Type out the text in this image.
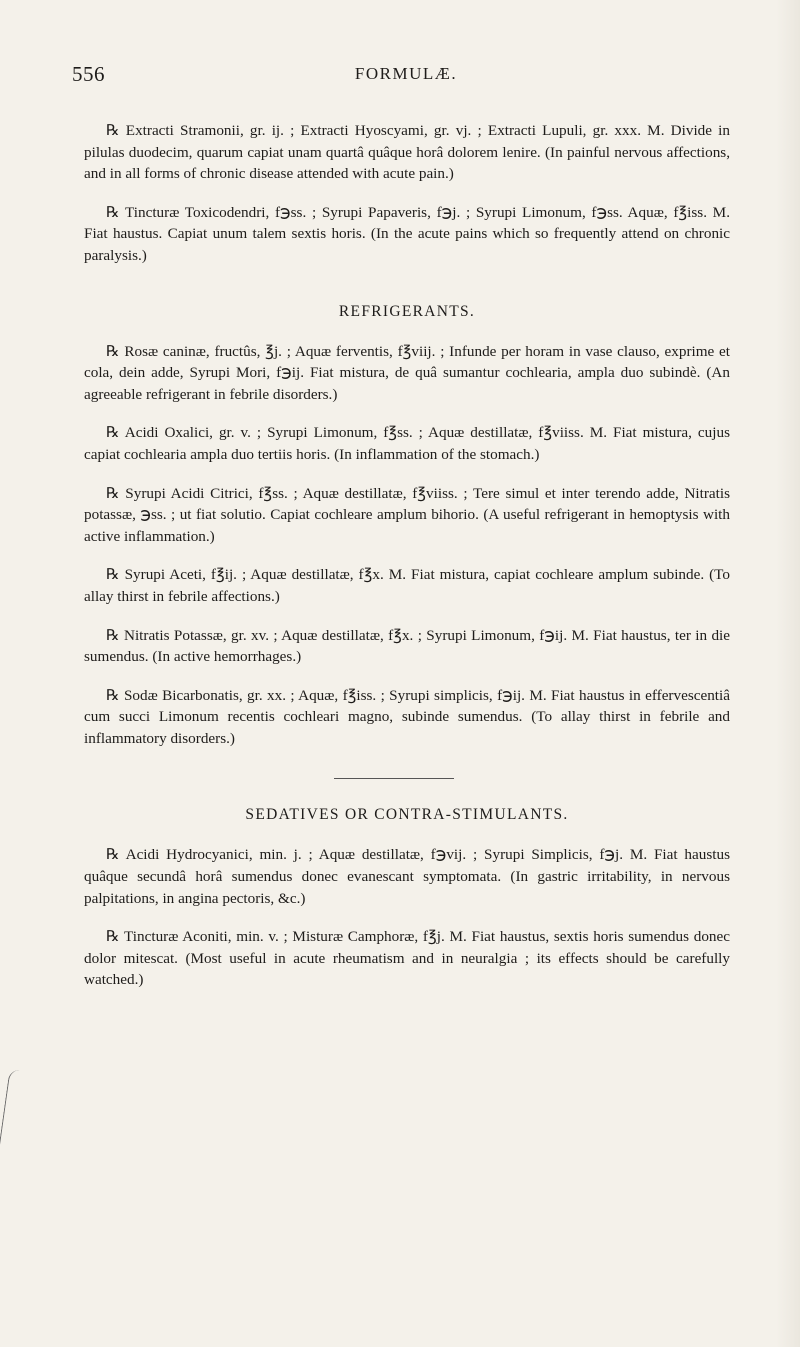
556	FORMULÆ.

℞ Extracti Stramonii, gr. ij. ; Extracti Hyoscyami, gr. vj. ; Extracti Lupuli, gr. xxx. M. Divide in pilulas duodecim, quarum capiat unam quartâ quâque horâ dolorem lenire. (In painful nervous affections, and in all forms of chronic disease attended with acute pain.)

℞ Tincturæ Toxicodendri, f℈ss. ; Syrupi Papaveris, f℈j. ; Syrupi Limonum, f℈ss. Aquæ, f℥iss. M. Fiat haustus. Capiat unum talem sextis horis. (In the acute pains which so frequently attend on chronic paralysis.)

REFRIGERANTS.

℞ Rosæ caninæ, fructûs, ℥j. ; Aquæ ferventis, f℥viij. ; Infunde per horam in vase clauso, exprime et cola, dein adde, Syrupi Mori, f℈ij. Fiat mistura, de quâ sumantur cochlearia, ampla duo subindè. (An agreeable refrigerant in febrile disorders.)

℞ Acidi Oxalici, gr. v. ; Syrupi Limonum, f℥ss. ; Aquæ destillatæ, f℥viiss. M. Fiat mistura, cujus capiat cochlearia ampla duo tertiis horis. (In inflammation of the stomach.)

℞ Syrupi Acidi Citrici, f℥ss. ; Aquæ destillatæ, f℥viiss. ; Tere simul et inter terendo adde, Nitratis potassæ, ℈ss. ; ut fiat solutio. Capiat cochleare amplum bihorio. (A useful refrigerant in hemoptysis with active inflammation.)

℞ Syrupi Aceti, f℥ij. ; Aquæ destillatæ, f℥x. M. Fiat mistura, capiat cochleare amplum subinde. (To allay thirst in febrile affections.)

℞ Nitratis Potassæ, gr. xv. ; Aquæ destillatæ, f℥x. ; Syrupi Limonum, f℈ij. M. Fiat haustus, ter in die sumendus. (In active hemorrhages.)

℞ Sodæ Bicarbonatis, gr. xx. ; Aquæ, f℥iss. ; Syrupi simplicis, f℈ij. M. Fiat haustus in effervescentiâ cum succi Limonum recentis cochleari magno, subinde sumendus. (To allay thirst in febrile and inflammatory disorders.)

SEDATIVES OR CONTRA-STIMULANTS.

℞ Acidi Hydrocyanici, min. j. ; Aquæ destillatæ, f℈vij. ; Syrupi Simplicis, f℈j. M. Fiat haustus quâque secundâ horâ sumendus donec evanescant symptomata. (In gastric irritability, in nervous palpitations, in angina pectoris, &c.)

℞ Tincturæ Aconiti, min. v. ; Misturæ Camphoræ, f℥j. M. Fiat haustus, sextis horis sumendus donec dolor mitescat. (Most useful in acute rheumatism and in neuralgia ; its effects should be carefully watched.)
